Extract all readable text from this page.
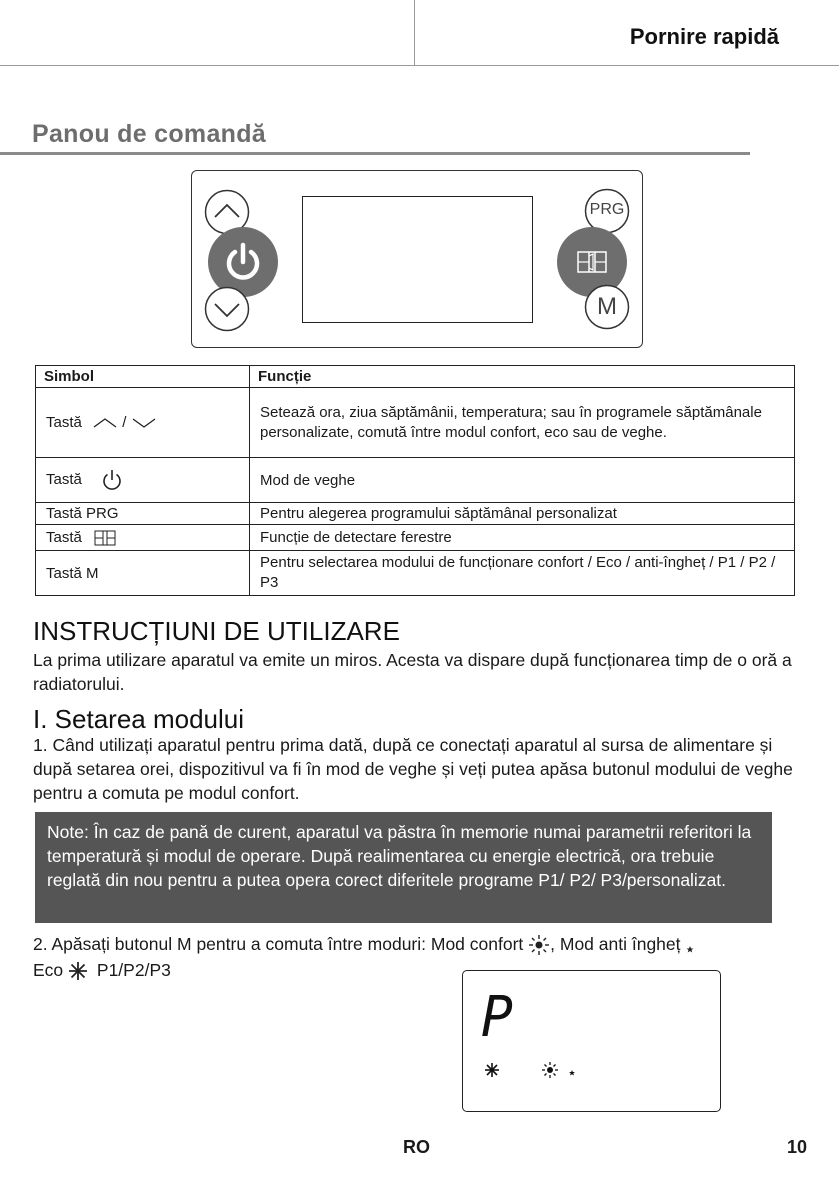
Pornire rapidă
Panou de comandă
PRG
M
Simbol	Funcție
Tastă /	Setează ora, ziua săptămânii, temperatura; sau în programele săptămânale personalizate, comută între modul confort, eco sau de veghe.
Tastă	Mod de veghe
Tastă PRG	Pentru alegerea programului săptămânal personalizat
Tastă	Funcție de detectare ferestre
Tastă M	Pentru selectarea modului de funcționare confort / Eco / anti-îngheț / P1 / P2 / P3
INSTRUCȚIUNI DE UTILIZARE
La prima utilizare aparatul va emite un miros. Acesta va dispare după funcționarea timp de o oră a radiatorului.
I. Setarea modului
1. Când utilizați aparatul pentru prima dată, după ce conectați aparatul al sursa de alimentare și după setarea orei, dispozitivul va fi în mod de veghe și veți putea apăsa butonul modului de veghe pentru a comuta pe modul confort.
Note: În caz de pană de curent, aparatul va păstra în memorie numai parametrii referitori la temperatură și modul de operare. După realimentarea cu energie electrică, ora trebuie reglată din nou pentru a putea opera corect diferitele programe P1/ P2/ P3/personalizat.
2. Apăsați butonul M pentru a comuta între moduri: Mod confort , Mod anti îngheț
Eco P1/P2/P3
P
RO	10
